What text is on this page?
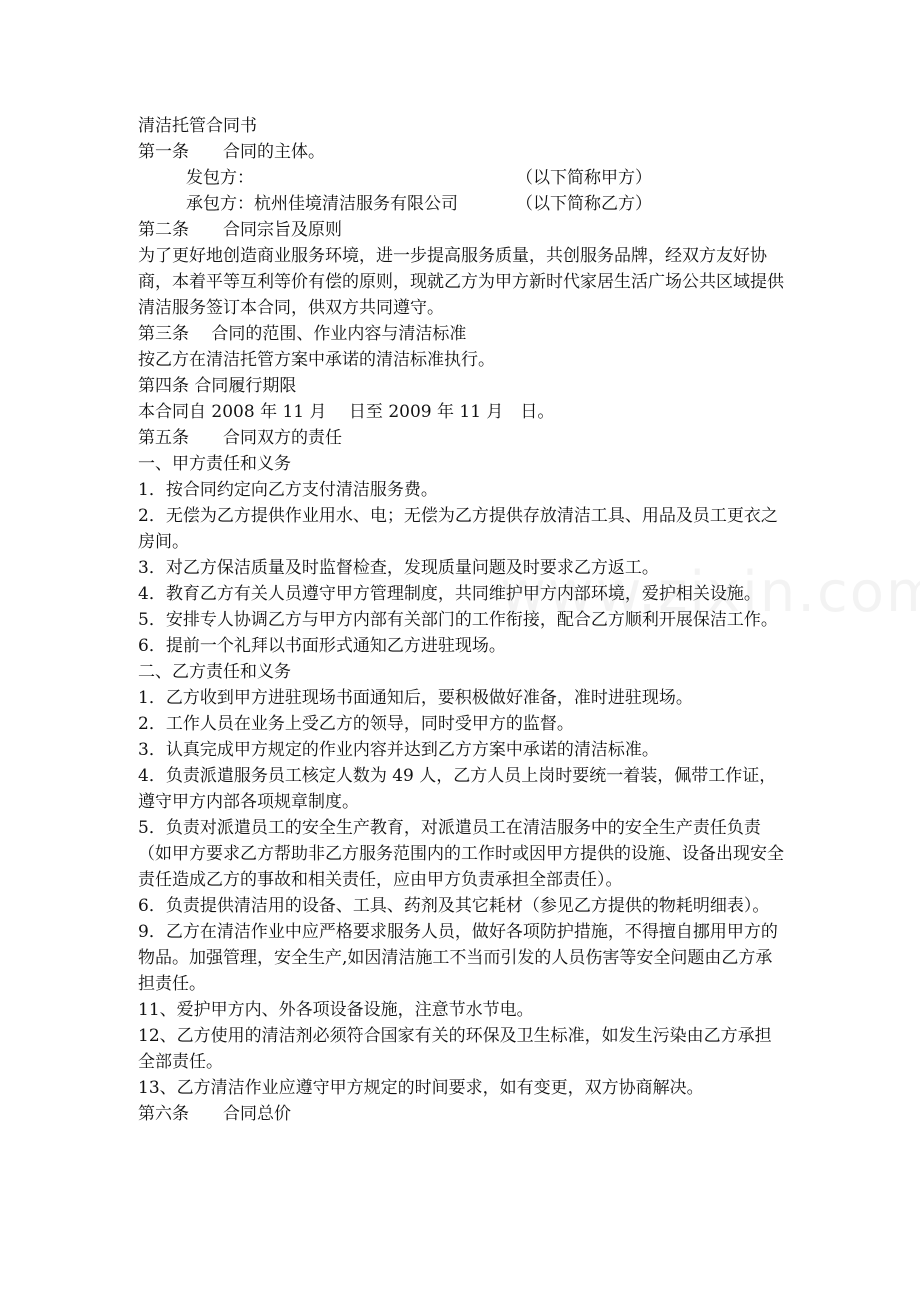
清洁托管合同书
第一条　　合同的主体。
发包方：	（以下简称甲方）
承包方：杭州佳境清洁服务有限公司	（以下简称乙方）
第二条　　合同宗旨及原则
为了更好地创造商业服务环境，进一步提高服务质量，共创服务品牌，经双方友好协商，本着平等互利等价有偿的原则，现就乙方为甲方新时代家居生活广场公共区域提供清洁服务签订本合同，供双方共同遵守。
第三条　 合同的范围、作业内容与清洁标准
按乙方在清洁托管方案中承诺的清洁标准执行。
第四条 合同履行期限
本合同自 2008 年 11 月　 日至 2009 年 11 月　日。
第五条　　合同双方的责任
一、甲方责任和义务
1．按合同约定向乙方支付清洁服务费。
2．无偿为乙方提供作业用水、电；无偿为乙方提供存放清洁工具、用品及员工更衣之房间。
3．对乙方保洁质量及时监督检查，发现质量问题及时要求乙方返工。
4．教育乙方有关人员遵守甲方管理制度，共同维护甲方内部环境，爱护相关设施。
5．安排专人协调乙方与甲方内部有关部门的工作衔接，配合乙方顺利开展保洁工作。
6．提前一个礼拜以书面形式通知乙方进驻现场。
二、乙方责任和义务
1．乙方收到甲方进驻现场书面通知后，要积极做好准备，准时进驻现场。
2．工作人员在业务上受乙方的领导，同时受甲方的监督。
3．认真完成甲方规定的作业内容并达到乙方方案中承诺的清洁标准。
4．负责派遣服务员工核定人数为 49 人，乙方人员上岗时要统一着装，佩带工作证，遵守甲方内部各项规章制度。
5．负责对派遣员工的安全生产教育，对派遣员工在清洁服务中的安全生产责任负责（如甲方要求乙方帮助非乙方服务范围内的工作时或因甲方提供的设施、设备出现安全责任造成乙方的事故和相关责任，应由甲方负责承担全部责任）。
6．负责提供清洁用的设备、工具、药剂及其它耗材（参见乙方提供的物耗明细表）。
9．乙方在清洁作业中应严格要求服务人员，做好各项防护措施，不得擅自挪用甲方的物品。加强管理，安全生产,如因清洁施工不当而引发的人员伤害等安全问题由乙方承担责任。
11、爱护甲方内、外各项设备设施，注意节水节电。
12、乙方使用的清洁剂必须符合国家有关的环保及卫生标准，如发生污染由乙方承担全部责任。
13、乙方清洁作业应遵守甲方规定的时间要求，如有变更，双方协商解决。
第六条　　合同总价
